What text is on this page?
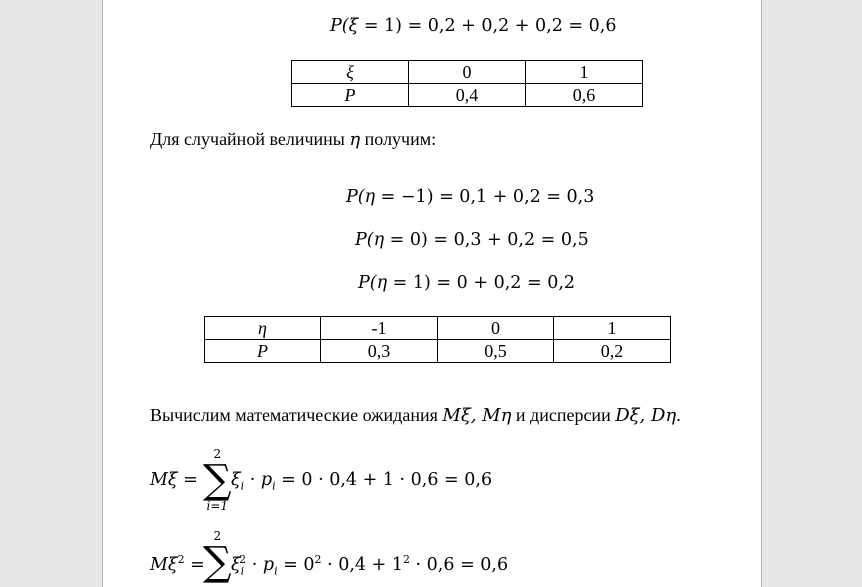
P(ξ = 1) = 0,2 + 0,2 + 0,2 = 0,6
ξ	0	1
P	0,4	0,6
Для случайной величины η получим:
P(η = −1) = 0,1 + 0,2 = 0,3
P(η = 0) = 0,3 + 0,2 = 0,5
P(η = 1) = 0 + 0,2 = 0,2
η	-1	0	1
P	0,3	0,5	0,2
Вычислим математические ожидания Mξ, Mη и дисперсии Dξ, Dη.
Mξ =
2
∑
i=1
$\xi_i \cdot p_i = 0 \cdot 0,4 + 1 \cdot 0,6 = 0,6$
$M\xi^2$ =
2
∑ $\xi_i^2 \cdot p_i = 0^2 \cdot 0,4 + 1^2 \cdot 0,6 = 0,6$
